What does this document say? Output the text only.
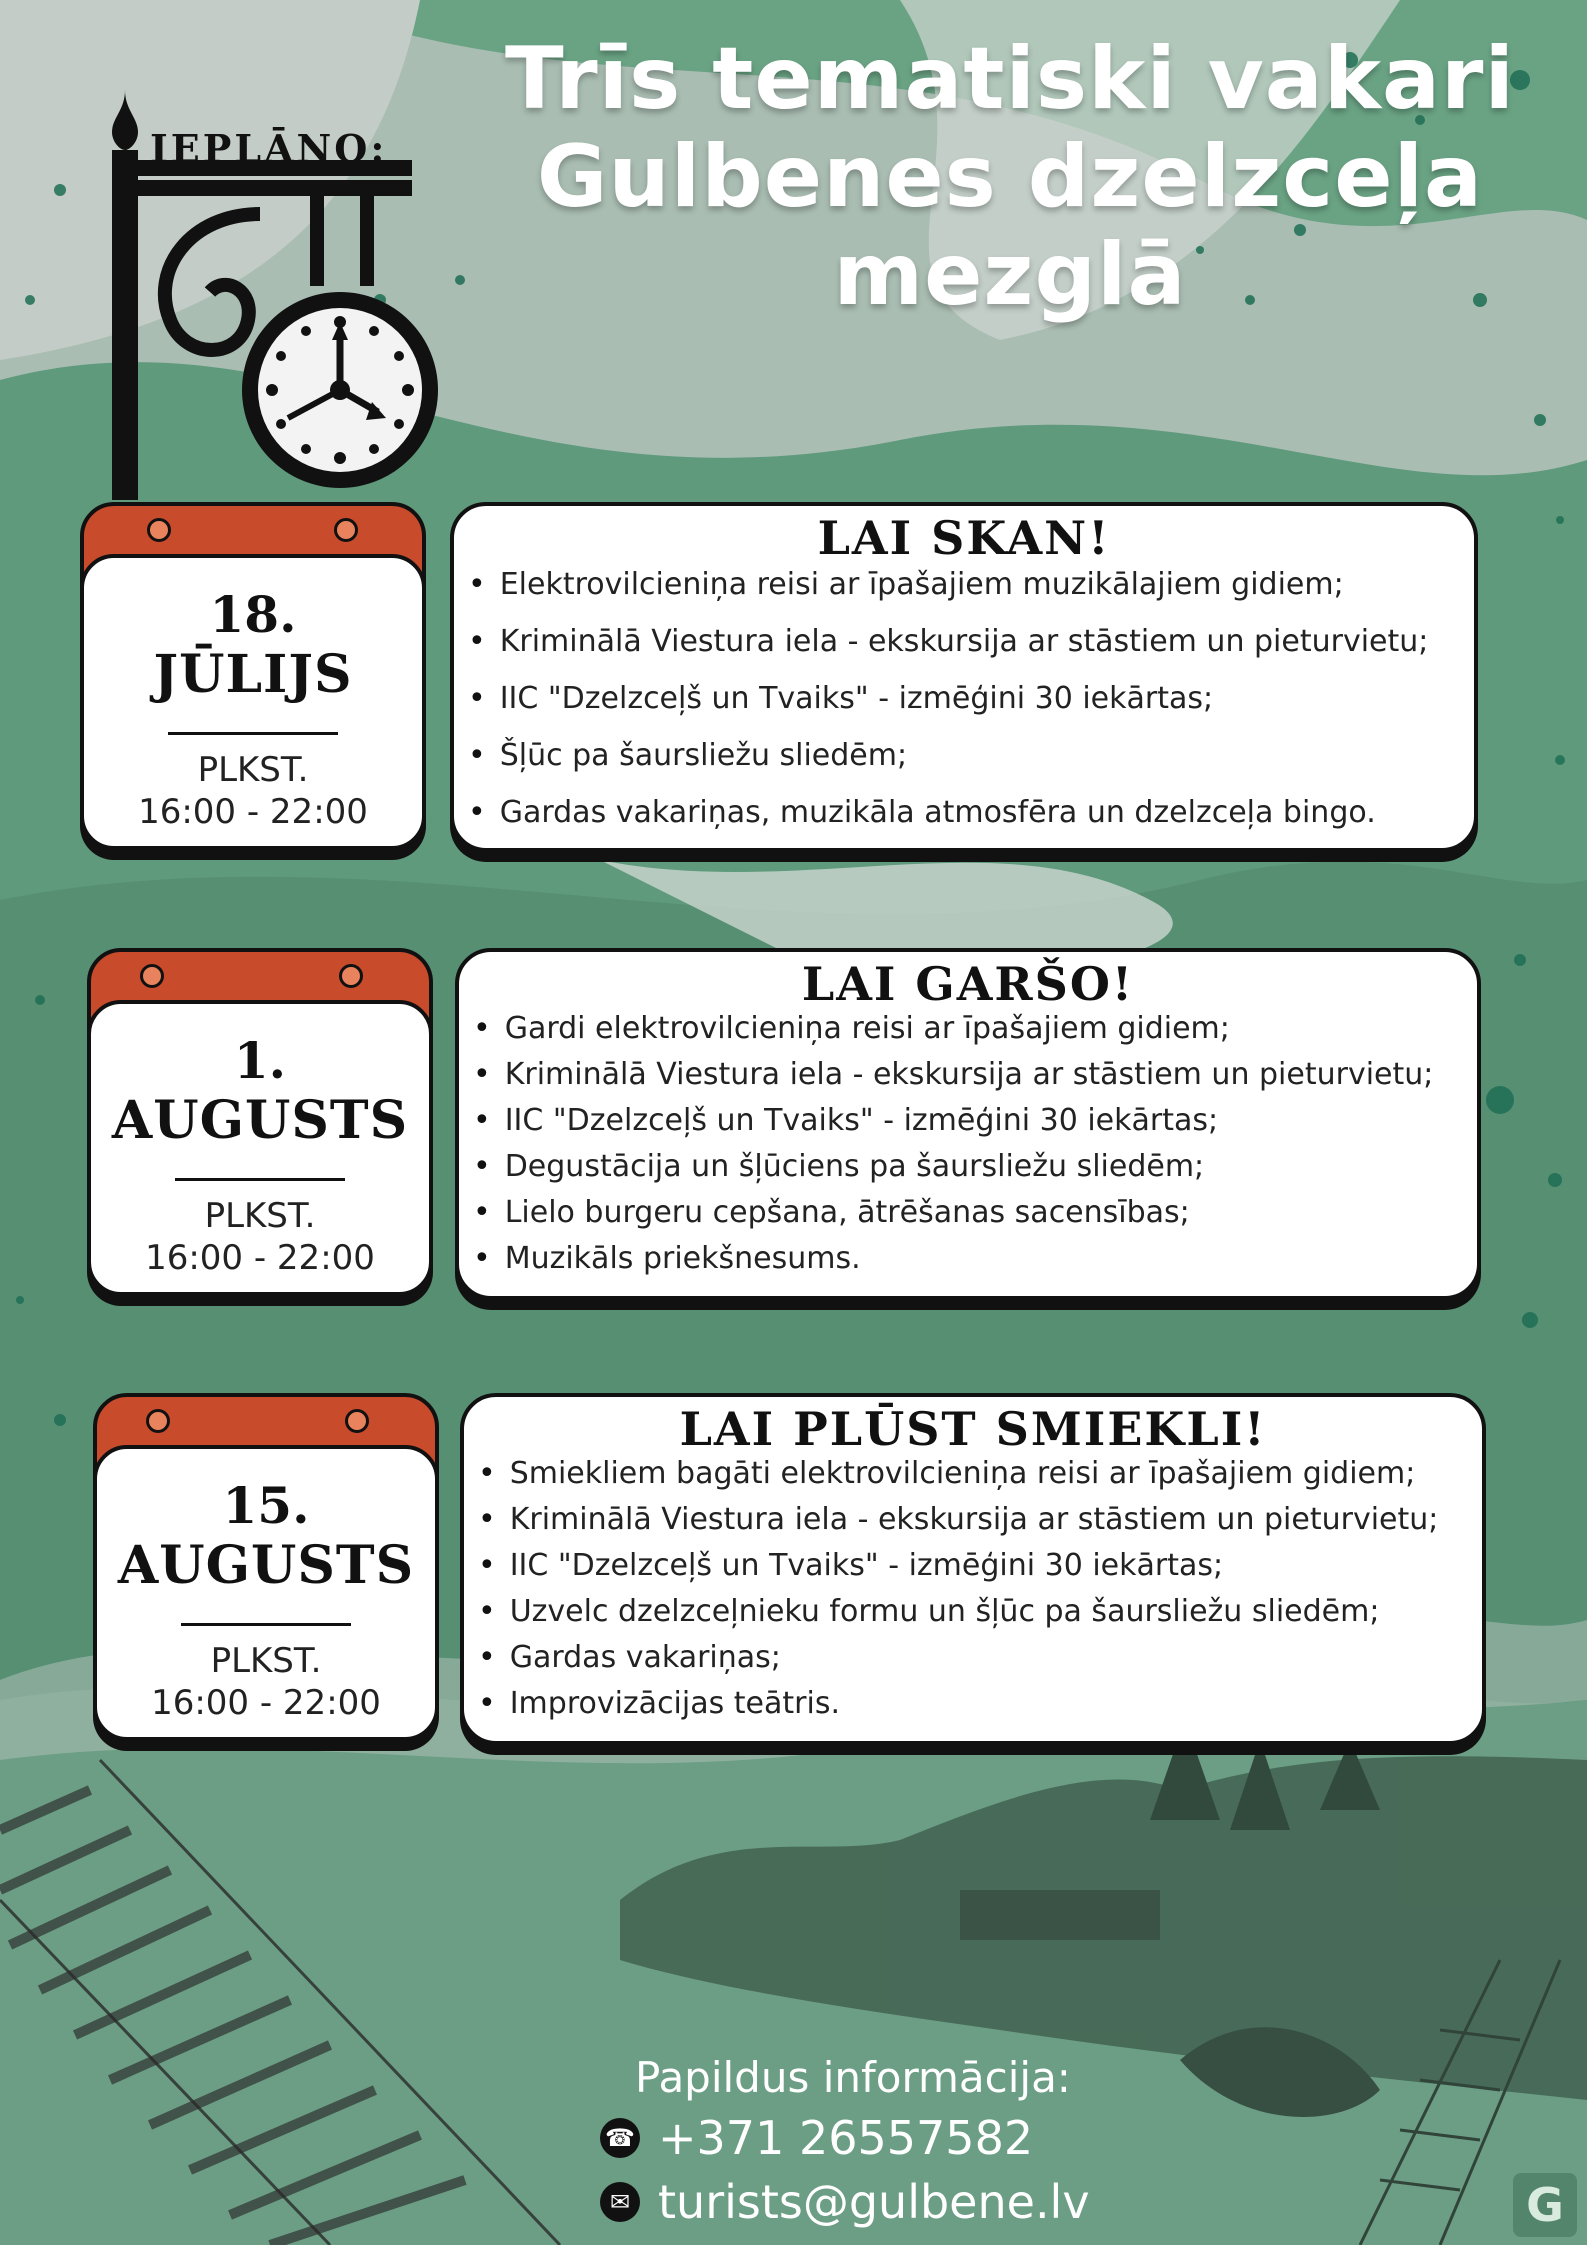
IEPLĀNO:
Trīs tematiski vakari
Gulbenes dzelzceļa
mezglā
18.
JŪLIJS
PLKST.
16:00 - 22:00
LAI SKAN!
• Elektrovilcieniņa reisi ar īpašajiem muzikālajiem gidiem;
• Kriminālā Viestura iela - ekskursija ar stāstiem un pieturvietu;
• IIC "Dzelzceļš un Tvaiks" - izmēģini 30 iekārtas;
• Šļūc pa šaursliežu sliedēm;
• Gardas vakariņas, muzikāla atmosfēra un dzelzceļa bingo.
1.
AUGUSTS
PLKST.
16:00 - 22:00
LAI GARŠO!
• Gardi elektrovilcieniņa reisi ar īpašajiem gidiem;
• Kriminālā Viestura iela - ekskursija ar stāstiem un pieturvietu;
• IIC "Dzelzceļš un Tvaiks" - izmēģini 30 iekārtas;
• Degustācija un šļūciens pa šaursliežu sliedēm;
• Lielo burgeru cepšana, ātrēšanas sacensības;
• Muzikāls priekšnesums.
15.
AUGUSTS
PLKST.
16:00 - 22:00
LAI PLŪST SMIEKLI!
• Smiekliem bagāti elektrovilcieniņa reisi ar īpašajiem gidiem;
• Kriminālā Viestura iela - ekskursija ar stāstiem un pieturvietu;
• IIC "Dzelzceļš un Tvaiks" - izmēģini 30 iekārtas;
• Uzvelc dzelzceļnieku formu un šļūc pa šaursliežu sliedēm;
• Gardas vakariņas;
• Improvizācijas teātris.
Papildus informācija:
☎ +371 26557582
✉ turists@gulbene.lv	G
